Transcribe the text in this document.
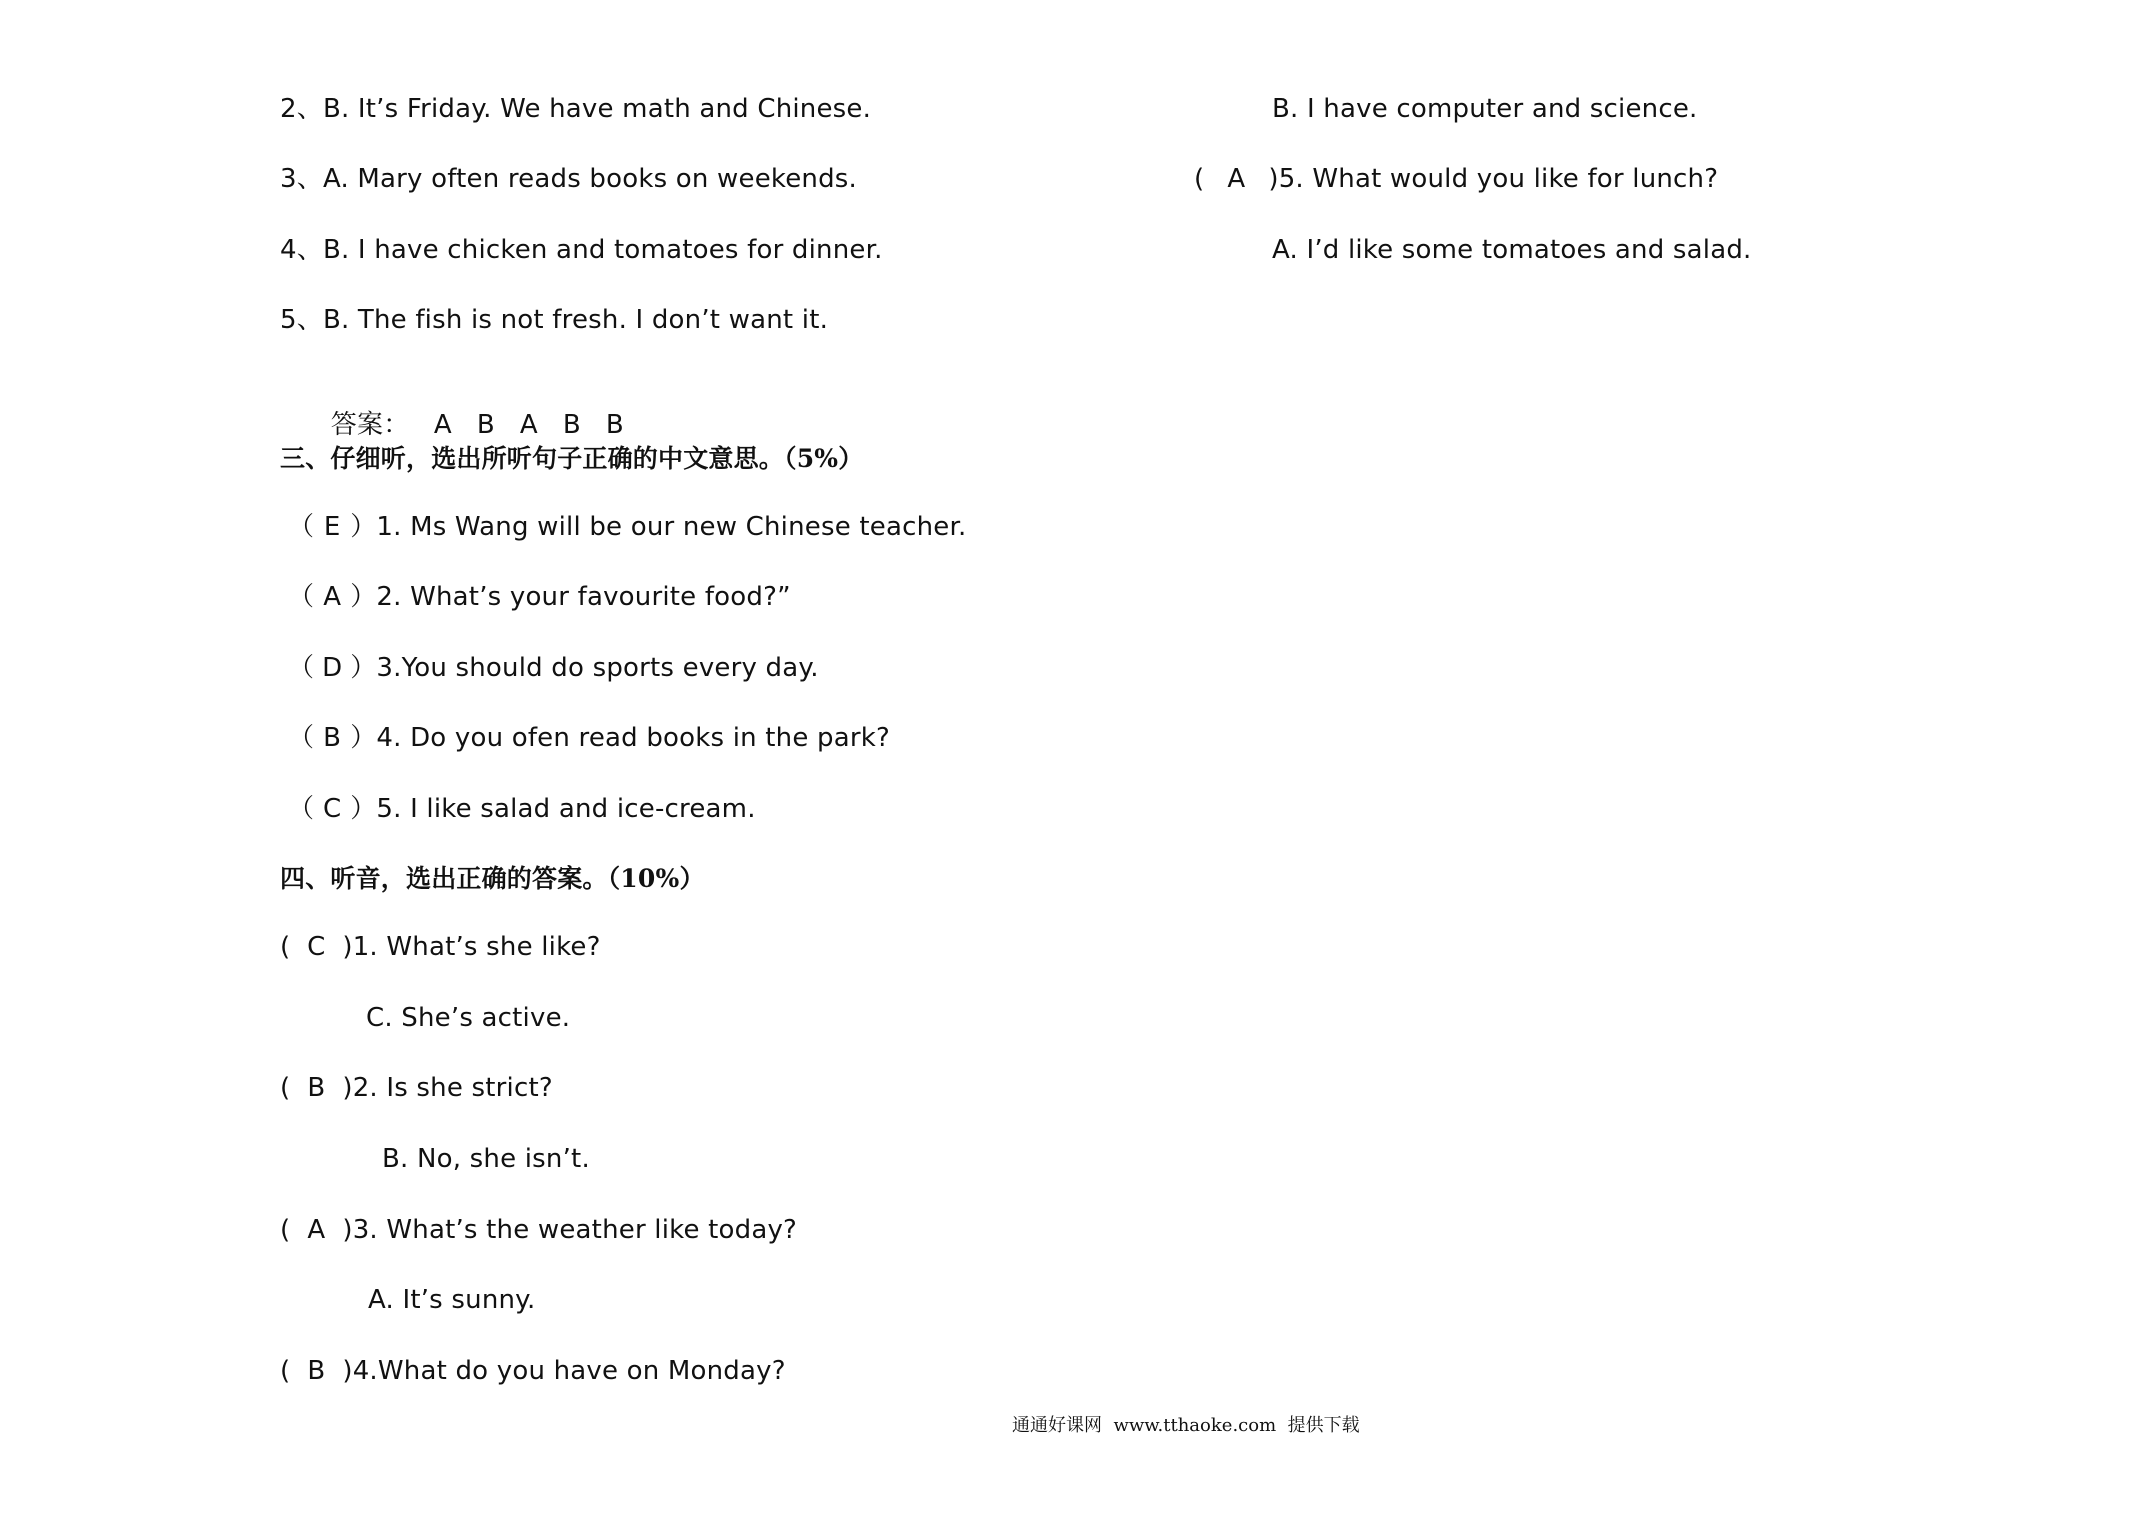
2、B. It’s Friday. We have math and Chinese.
3、A. Mary often reads books on weekends.
4、B. I have chicken and tomatoes for dinner.
5、B. The fish is not fresh. I don’t want it.

答案： A B A B B

三、仔细听，选出所听句子正确的中文意思。（5%）
（ E ）1. Ms Wang will be our new Chinese teacher.
（ A ）2. What’s your favourite food?”
（ D ）3.You should do sports every day.
（ B ）4. Do you ofen read books in the park?
（ C ）5. I like salad and ice-cream.
四、听音，选出正确的答案。（10%）
( C )1. What’s she like?
C. She’s active.
( B )2. Is she strict?
B. No, she isn’t.
( A )3. What’s the weather like today?
A. It’s sunny.
( B )4.What do you have on Monday?
B. I have computer and science.
( A )5. What would you like for lunch?
A. I’d like some tomatoes and salad.
通通好课网  www.tthaoke.com  提供下载
